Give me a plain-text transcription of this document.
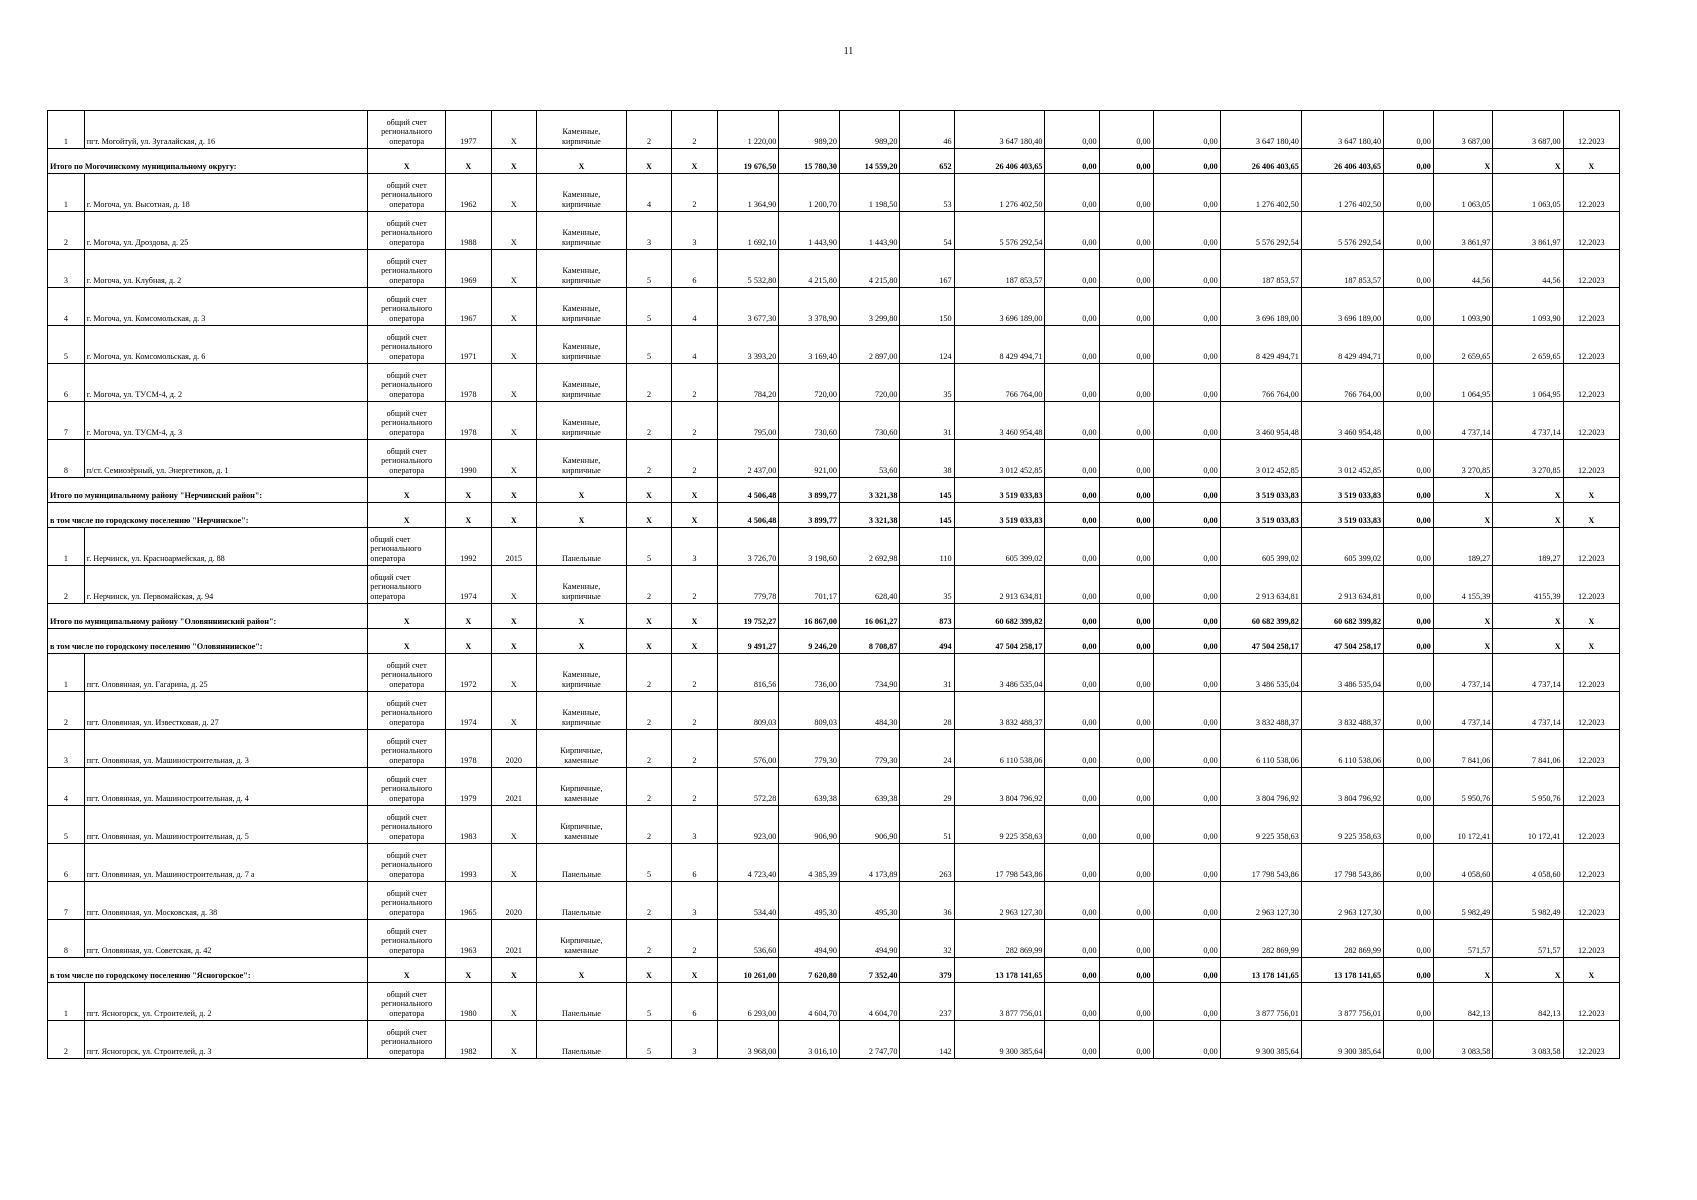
11
1	пгт. Могойтуй, ул. Зугалайская, д. 16	общий счет
регионального
оператора	1977	Х	Каменные,
кирпичные	2	2	1 220,00	989,20	989,20	46	3 647 180,40	0,00	0,00	0,00	3 647 180,40	3 647 180,40	0,00	3 687,00	3 687,00	12.2023
Итого по Могочинскому муниципальному округу:		Х	Х	Х	Х	Х	Х	19 676,50	15 780,30	14 559,20	652	26 406 403,65	0,00	0,00	0,00	26 406 403,65	26 406 403,65	0,00	Х	Х	Х
1	г. Могоча, ул. Высотная, д. 18	общий счет
регионального
оператора	1962	Х	Каменные,
кирпичные	4	2	1 364,90	1 200,70	1 198,50	53	1 276 402,50	0,00	0,00	0,00	1 276 402,50	1 276 402,50	0,00	1 063,05	1 063,05	12.2023
2	г. Могоча, ул. Дроздова, д. 25	общий счет
регионального
оператора	1988	Х	Каменные,
кирпичные	3	3	1 692,10	1 443,90	1 443,90	54	5 576 292,54	0,00	0,00	0,00	5 576 292,54	5 576 292,54	0,00	3 861,97	3 861,97	12.2023
3	г. Могоча, ул. Клубная, д. 2	общий счет
регионального
оператора	1969	Х	Каменные,
кирпичные	5	6	5 532,80	4 215,80	4 215,80	167	187 853,57	0,00	0,00	0,00	187 853,57	187 853,57	0,00	44,56	44,56	12.2023
4	г. Могоча, ул. Комсомольская, д. 3	общий счет
регионального
оператора	1967	Х	Каменные,
кирпичные	5	4	3 677,30	3 378,90	3 299,80	150	3 696 189,00	0,00	0,00	0,00	3 696 189,00	3 696 189,00	0,00	1 093,90	1 093,90	12.2023
5	г. Могоча, ул. Комсомольская, д. 6	общий счет
регионального
оператора	1971	Х	Каменные,
кирпичные	5	4	3 393,20	3 169,40	2 897,00	124	8 429 494,71	0,00	0,00	0,00	8 429 494,71	8 429 494,71	0,00	2 659,65	2 659,65	12.2023
6	г. Могоча, ул. ТУСМ-4, д. 2	общий счет
регионального
оператора	1978	Х	Каменные,
кирпичные	2	2	784,20	720,00	720,00	35	766 764,00	0,00	0,00	0,00	766 764,00	766 764,00	0,00	1 064,95	1 064,95	12.2023
7	г. Могоча, ул. ТУСМ-4, д. 3	общий счет
регионального
оператора	1978	Х	Каменные,
кирпичные	2	2	795,00	730,60	730,60	31	3 460 954,48	0,00	0,00	0,00	3 460 954,48	3 460 954,48	0,00	4 737,14	4 737,14	12.2023
8	п/ст. Семиозёрный, ул. Энергетиков, д. 1	общий счет
регионального
оператора	1990	Х	Каменные,
кирпичные	2	2	2 437,00	921,00	53,60	38	3 012 452,85	0,00	0,00	0,00	3 012 452,85	3 012 452,85	0,00	3 270,85	3 270,85	12.2023
Итого по муниципальному району "Нерчинский район":		Х	Х	Х	Х	Х	Х	4 506,48	3 899,77	3 321,38	145	3 519 033,83	0,00	0,00	0,00	3 519 033,83	3 519 033,83	0,00	Х	Х	Х
в том числе по городскому поселению "Нерчинское":		Х	Х	Х	Х	Х	Х	4 506,48	3 899,77	3 321,38	145	3 519 033,83	0,00	0,00	0,00	3 519 033,83	3 519 033,83	0,00	Х	Х	Х
1	г. Нерчинск, ул. Красноармейская, д. 88	общий счет
регионального
оператора	1992	2015	Панельные	5	3	3 726,70	3 198,60	2 692,98	110	605 399,02	0,00	0,00	0,00	605 399,02	605 399,02	0,00	189,27	189,27	12.2023
2	г. Нерчинск, ул. Первомайская, д. 94	общий счет
регионального
оператора	1974	Х	Каменные,
кирпичные	2	2	779,78	701,17	628,40	35	2 913 634,81	0,00	0,00	0,00	2 913 634,81	2 913 634,81	0,00	4 155,39	4155,39	12.2023
Итого по муниципальному району "Оловяннинский район":		Х	Х	Х	Х	Х	Х	19 752,27	16 867,00	16 061,27	873	60 682 399,82	0,00	0,00	0,00	60 682 399,82	60 682 399,82	0,00	Х	Х	Х
в том числе по городскому поселению "Оловяннинское":		Х	Х	Х	Х	Х	Х	9 491,27	9 246,20	8 708,87	494	47 504 258,17	0,00	0,00	0,00	47 504 258,17	47 504 258,17	0,00	Х	Х	Х
1	пгт. Оловянная, ул. Гагарина, д. 25	общий счет
регионального
оператора	1972	Х	Каменные,
кирпичные	2	2	816,56	736,00	734,90	31	3 486 535,04	0,00	0,00	0,00	3 486 535,04	3 486 535,04	0,00	4 737,14	4 737,14	12.2023
2	пгт. Оловянная, ул. Известковая, д. 27	общий счет
регионального
оператора	1974	Х	Каменные,
кирпичные	2	2	809,03	809,03	484,30	28	3 832 488,37	0,00	0,00	0,00	3 832 488,37	3 832 488,37	0,00	4 737,14	4 737,14	12.2023
3	пгт. Оловянная, ул. Машиностроительная, д. 3	общий счет
регионального
оператора	1978	2020	Кирпичные,
каменные	2	2	576,00	779,30	779,30	24	6 110 538,06	0,00	0,00	0,00	6 110 538,06	6 110 538,06	0,00	7 841,06	7 841,06	12.2023
4	пгт. Оловянная, ул. Машиностроительная, д. 4	общий счет
регионального
оператора	1979	2021	Кирпичные,
каменные	2	2	572,28	639,38	639,38	29	3 804 796,92	0,00	0,00	0,00	3 804 796,92	3 804 796,92	0,00	5 950,76	5 950,76	12.2023
5	пгт. Оловянная, ул. Машиностроительная, д. 5	общий счет
регионального
оператора	1983	Х	Кирпичные,
каменные	2	3	923,00	906,90	906,90	51	9 225 358,63	0,00	0,00	0,00	9 225 358,63	9 225 358,63	0,00	10 172,41	10 172,41	12.2023
6	пгт. Оловянная, ул. Машиностроительная, д. 7 а	общий счет
регионального
оператора	1993	Х	Панельные	5	6	4 723,40	4 385,39	4 173,89	263	17 798 543,86	0,00	0,00	0,00	17 798 543,86	17 798 543,86	0,00	4 058,60	4 058,60	12.2023
7	пгт. Оловянная, ул. Московская, д. 38	общий счет
регионального
оператора	1965	2020	Панельные	2	3	534,40	495,30	495,30	36	2 963 127,30	0,00	0,00	0,00	2 963 127,30	2 963 127,30	0,00	5 982,49	5 982,49	12.2023
8	пгт. Оловянная, ул. Советская, д. 42	общий счет
регионального
оператора	1963	2021	Кирпичные,
каменные	2	2	536,60	494,90	494,90	32	282 869,99	0,00	0,00	0,00	282 869,99	282 869,99	0,00	571,57	571,57	12.2023
в том числе по городскому поселению "Ясногорское":		Х	Х	Х	Х	Х	Х	10 261,00	7 620,80	7 352,40	379	13 178 141,65	0,00	0,00	0,00	13 178 141,65	13 178 141,65	0,00	Х	Х	Х
1	пгт. Ясногорск, ул. Строителей, д. 2	общий счет
регионального
оператора	1980	Х	Панельные	5	6	6 293,00	4 604,70	4 604,70	237	3 877 756,01	0,00	0,00	0,00	3 877 756,01	3 877 756,01	0,00	842,13	842,13	12.2023
2	пгт. Ясногорск, ул. Строителей, д. 3	общий счет
регионального
оператора	1982	Х	Панельные	5	3	3 968,00	3 016,10	2 747,70	142	9 300 385,64	0,00	0,00	0,00	9 300 385,64	9 300 385,64	0,00	3 083,58	3 083,58	12.2023
